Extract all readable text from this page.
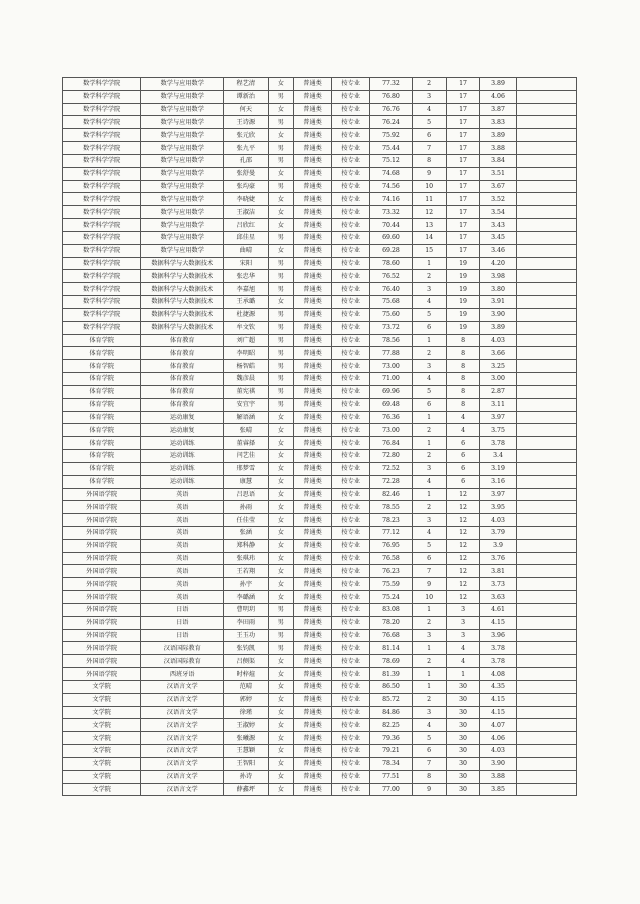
数学科学学院	数学与应用数学	程艺清	女	普通类	按专业	77.32	2	17	3.89	
数学科学学院	数学与应用数学	谭新治	男	普通类	按专业	76.80	3	17	4.06	
数学科学学院	数学与应用数学	何天	女	普通类	按专业	76.76	4	17	3.87	
数学科学学院	数学与应用数学	王诗源	男	普通类	按专业	76.24	5	17	3.83	
数学科学学院	数学与应用数学	张元欣	女	普通类	按专业	75.92	6	17	3.89	
数学科学学院	数学与应用数学	张九平	男	普通类	按专业	75.44	7	17	3.88	
数学科学学院	数学与应用数学	孔邵	男	普通类	按专业	75.12	8	17	3.84	
数学科学学院	数学与应用数学	张舒曼	女	普通类	按专业	74.68	9	17	3.51	
数学科学学院	数学与应用数学	张均豪	男	普通类	按专业	74.56	10	17	3.67	
数学科学学院	数学与应用数学	李晓婕	女	普通类	按专业	74.16	11	17	3.52	
数学科学学院	数学与应用数学	王淑洁	女	普通类	按专业	73.32	12	17	3.54	
数学科学学院	数学与应用数学	吕欣红	女	普通类	按专业	70.44	13	17	3.43	
数学科学学院	数学与应用数学	邱佳星	男	普通类	按专业	69.60	14	17	3.45	
数学科学学院	数学与应用数学	曲晴	女	普通类	按专业	69.28	15	17	3.46	
数学科学学院	数据科学与大数据技术	宋阳	男	普通类	按专业	78.60	1	19	4.20	
数学科学学院	数据科学与大数据技术	张忠华	男	普通类	按专业	76.52	2	19	3.98	
数学科学学院	数据科学与大数据技术	李嘉旭	男	普通类	按专业	76.40	3	19	3.80	
数学科学学院	数据科学与大数据技术	王承璐	女	普通类	按专业	75.68	4	19	3.91	
数学科学学院	数据科学与大数据技术	杜捷源	男	普通类	按专业	75.60	5	19	3.90	
数学科学学院	数据科学与大数据技术	牟文钦	男	普通类	按专业	73.72	6	19	3.89	
体育学院	体育教育	刘广超	男	普通类	按专业	78.56	1	8	4.03	
体育学院	体育教育	李明昭	男	普通类	按专业	77.88	2	8	3.66	
体育学院	体育教育	杨智皓	男	普通类	按专业	73.00	3	8	3.25	
体育学院	体育教育	魏彦晨	男	普通类	按专业	71.00	4	8	3.00	
体育学院	体育教育	董宪祺	男	普通类	按专业	69.96	5	8	2.87	
体育学院	体育教育	安宜宇	男	普通类	按专业	69.48	6	8	3.11	
体育学院	运动康复	解语涵	女	普通类	按专业	76.36	1	4	3.97	
体育学院	运动康复	张晴	女	普通类	按专业	73.00	2	4	3.75	
体育学院	运动训练	董睿择	女	普通类	按专业	76.84	1	6	3.78	
体育学院	运动训练	闫艺佳	女	普通类	按专业	72.80	2	6	3.4	
体育学院	运动训练	邢梦雪	女	普通类	按专业	72.52	3	6	3.19	
体育学院	运动训练	康慧	女	普通类	按专业	72.28	4	6	3.16	
外国语学院	英语	吕思语	女	普通类	按专业	82.46	1	12	3.97	
外国语学院	英语	孙雨	女	普通类	按专业	78.55	2	12	3.95	
外国语学院	英语	任佳莹	女	普通类	按专业	78.23	3	12	4.03	
外国语学院	英语	张涵	女	普通类	按专业	77.12	4	12	3.79	
外国语学院	英语	郑科静	女	普通类	按专业	76.95	5	12	3.9	
外国语学院	英语	张琪玮	女	普通类	按专业	76.58	6	12	3.76	
外国语学院	英语	王若翔	女	普通类	按专业	76.23	7	12	3.81	
外国语学院	英语	孙宇	女	普通类	按专业	75.59	9	12	3.73	
外国语学院	英语	李璐涵	女	普通类	按专业	75.24	10	12	3.63	
外国语学院	日语	曹明玥	男	普通类	按专业	83.08	1	3	4.61	
外国语学院	日语	李田雨	男	普通类	按专业	78.20	2	3	4.15	
外国语学院	日语	王玉功	男	普通类	按专业	76.68	3	3	3.96	
外国语学院	汉语国际教育	张钧凯	男	普通类	按专业	81.14	1	4	3.78	
外国语学院	汉语国际教育	吕侧渠	女	普通类	按专业	78.69	2	4	3.78	
外国语学院	西班牙语	时梓煊	女	普通类	按专业	81.39	1	1	4.08	
文学院	汉语言文学	范晴	女	普通类	按专业	86.50	1	30	4.35	
文学院	汉语言文学	郭婷	女	普通类	按专业	85.72	2	30	4.15	
文学院	汉语言文学	徐瑾	女	普通类	按专业	84.86	3	30	4.15	
文学院	汉语言文学	王淑婷	女	普通类	按专业	82.25	4	30	4.07	
文学院	汉语言文学	张曦源	女	普通类	按专业	79.36	5	30	4.06	
文学院	汉语言文学	王慧颖	女	普通类	按专业	79.21	6	30	4.03	
文学院	汉语言文学	王智阳	女	普通类	按专业	78.34	7	30	3.90	
文学院	汉语言文学	孙诗	女	普通类	按专业	77.51	8	30	3.88	
文学院	汉语言文学	薛鑫坪	女	普通类	按专业	77.00	9	30	3.85	
